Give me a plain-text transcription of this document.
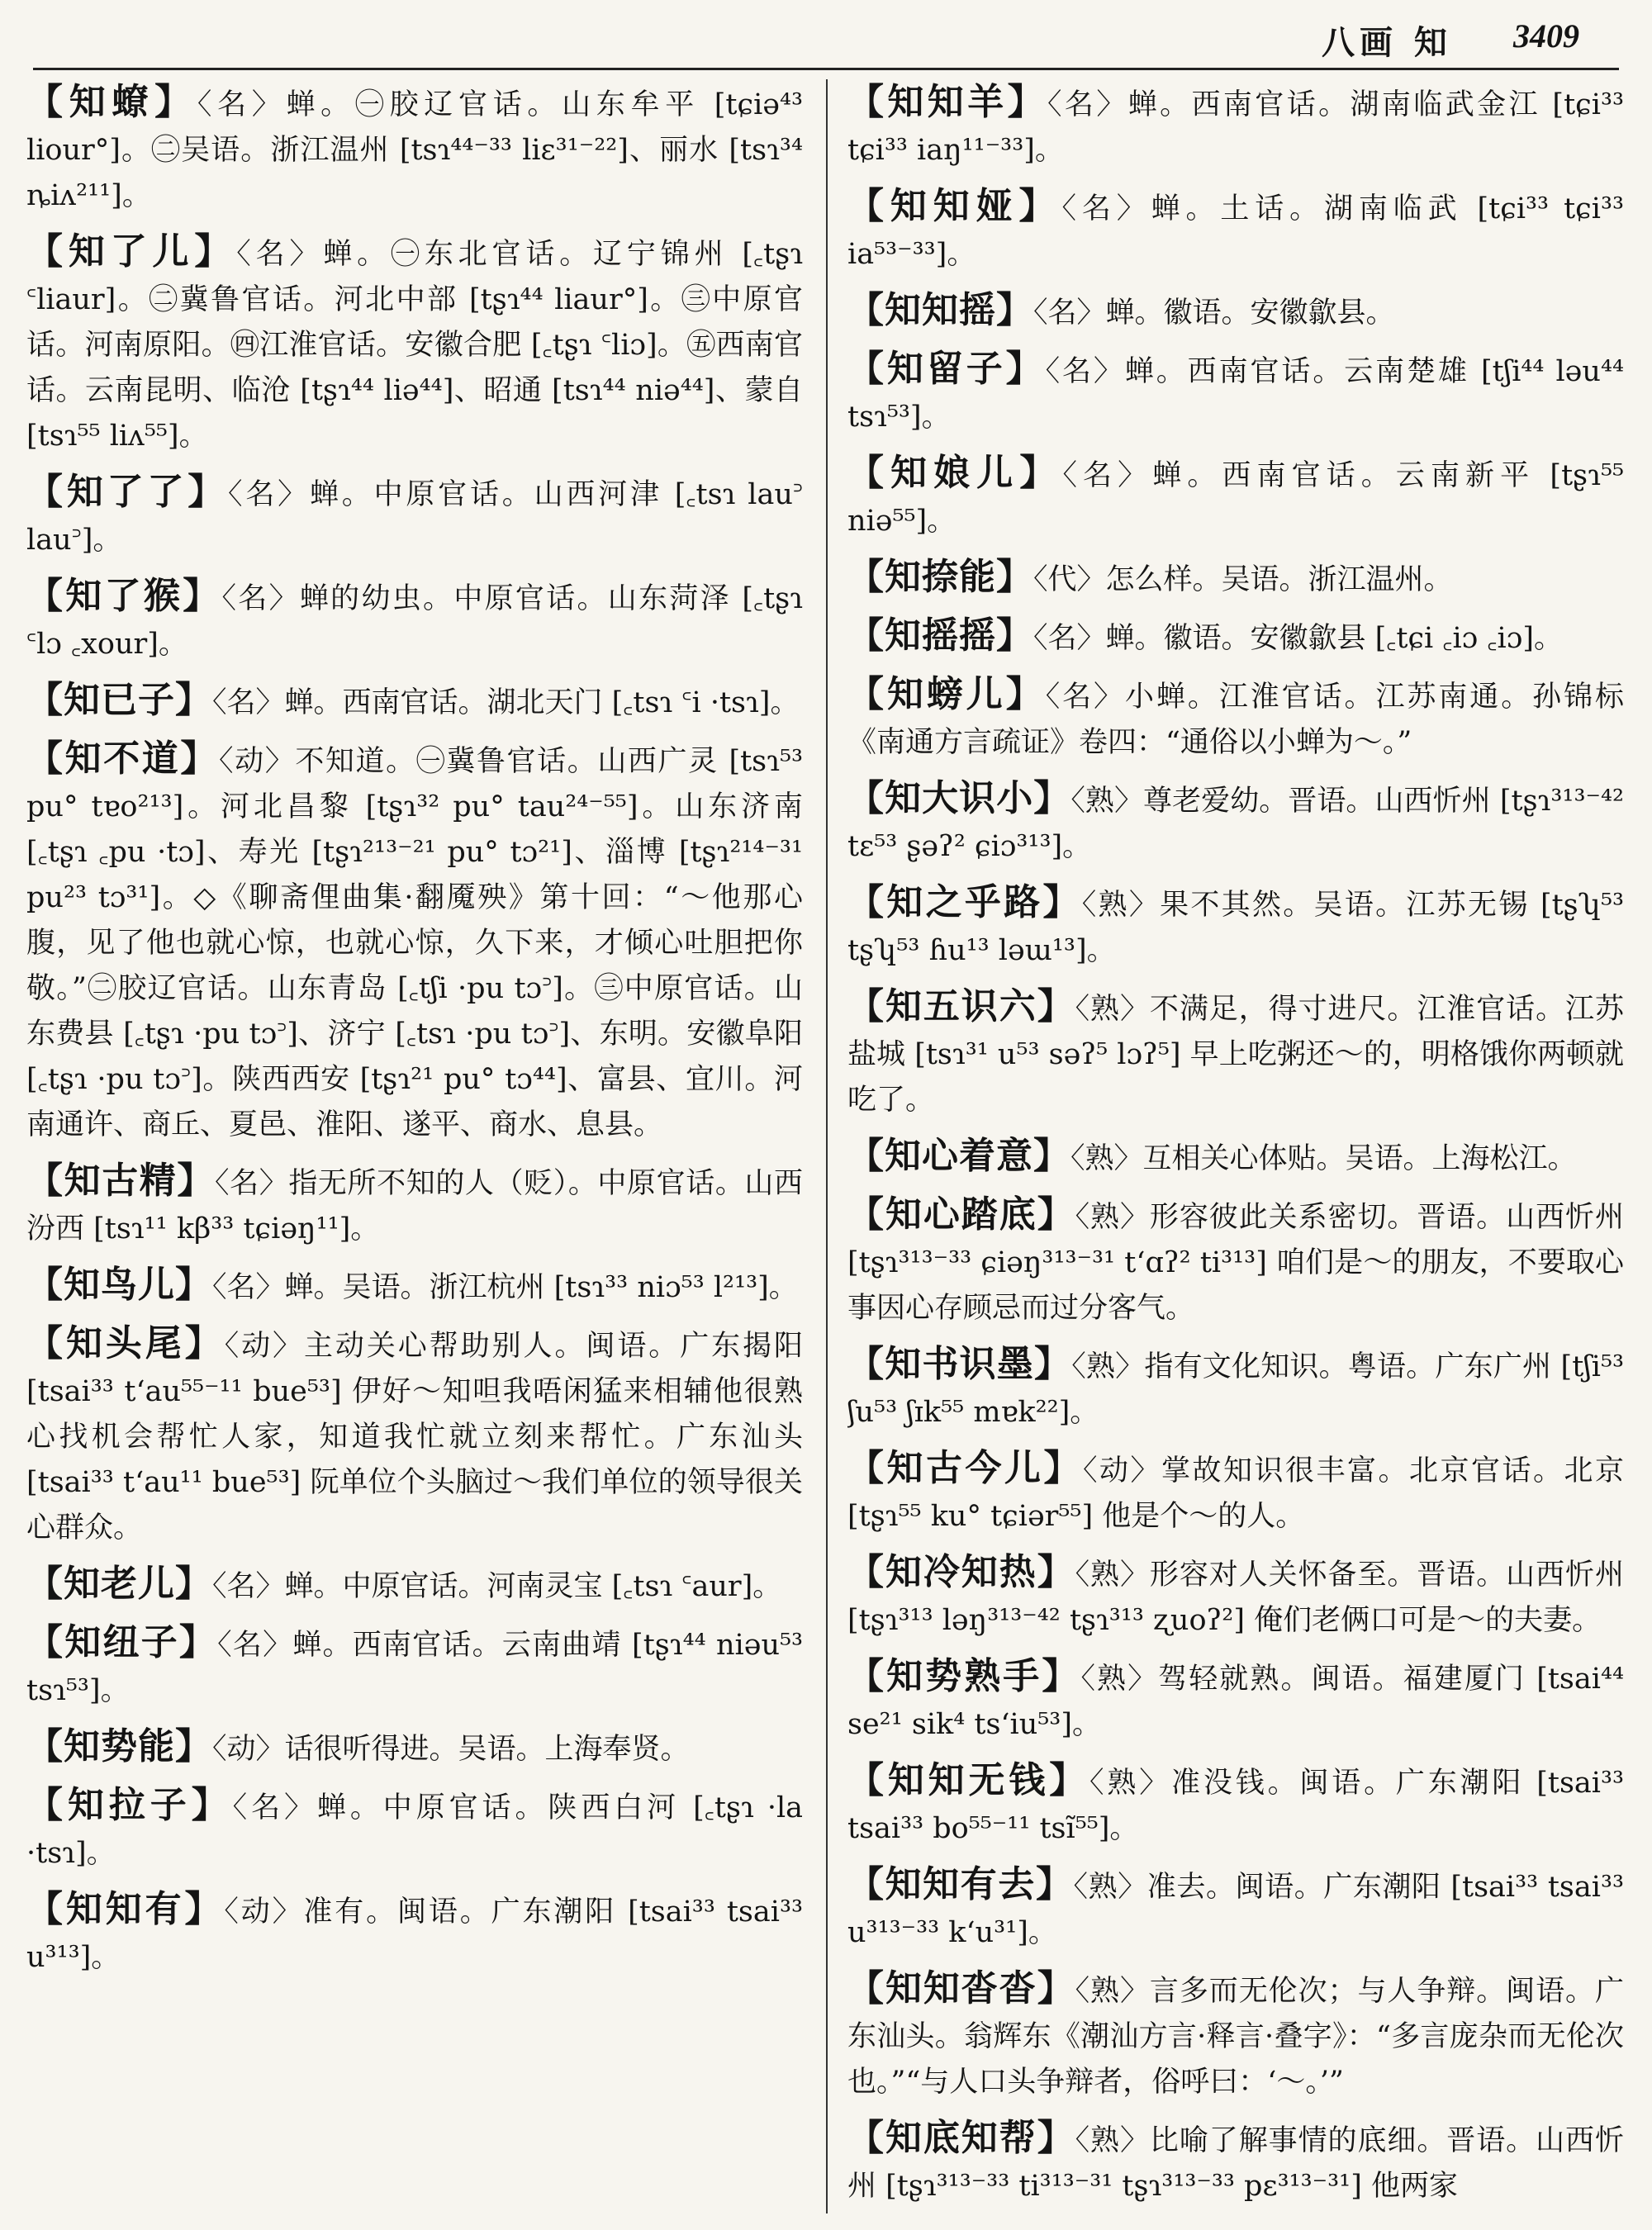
八画 知 3409

【 知蟟 】 〈名〉蝉。㊀胶辽官话。山东牟平 [tɕiə⁴³ liour°]。㊁吴语。浙江温州 [tsɿ⁴⁴⁻³³ liɛ³¹⁻²²]、丽水 [tsɿ³⁴ ȵiʌ²¹¹]。

【 知了儿 】 〈名〉蝉。㊀东北官话。辽宁锦州 [꜀tʂɿ ꜂liaur]。㊁冀鲁官话。河北中部 [tʂɿ⁴⁴ liaur°]。㊂中原官话。河南原阳。㊃江淮官话。安徽合肥 [꜀tʂɿ ꜂liɔ]。㊄西南官话。云南昆明、临沧 [tʂɿ⁴⁴ liə⁴⁴]、昭通 [tsɿ⁴⁴ niə⁴⁴]、蒙自 [tsɿ⁵⁵ liʌ⁵⁵]。

【 知了了 】 〈名〉蝉。中原官话。山西河津 [꜀tsɿ lau꜄ lau꜄]。

【 知了猴 】 〈名〉蝉的幼虫。中原官话。山东菏泽 [꜀tʂɿ ꜂lɔ ꜀xour]。

【 知已子 】 〈名〉蝉。西南官话。湖北天门 [꜀tsɿ ꜂i ·tsɿ]。

【 知不道 】 〈动〉不知道。㊀冀鲁官话。山西广灵 [tsɿ⁵³ pu° tɐo²¹³]。河北昌黎 [tʂɿ³² pu° tau²⁴⁻⁵⁵]。山东济南 [꜀tʂɿ ꜀pu ·tɔ]、寿光 [tʂɿ²¹³⁻²¹ pu° tɔ²¹]、淄博 [tʂɿ²¹⁴⁻³¹ pu²³ tɔ³¹]。◇《聊斋俚曲集·翻魇殃》第十回：“～他那心腹，见了他也就心惊，也就心惊，久下来，才倾心吐胆把你敬。”㊁胶辽官话。山东青岛 [꜀tʃi ·pu tɔ꜄]。㊂中原官话。山东费县 [꜀tʂɿ ·pu tɔ꜄]、济宁 [꜀tsɿ ·pu tɔ꜄]、东明。安徽阜阳 [꜀tʂɿ ·pu tɔ꜄]。陕西西安 [tʂɿ²¹ pu° tɔ⁴⁴]、富县、宜川。河南通许、商丘、夏邑、淮阳、遂平、商水、息县。

【 知古精 】 〈名〉指无所不知的人（贬）。中原官话。山西汾西 [tsɿ¹¹ kβ³³ tɕiəŋ¹¹]。

【 知鸟儿 】 〈名〉蝉。吴语。浙江杭州 [tsɿ³³ niɔ⁵³ l²¹³]。

【 知头尾 】 〈动〉主动关心帮助别人。闽语。广东揭阳 [tsai³³ t‘au⁵⁵⁻¹¹ bue⁵³] 伊好～知呾我唔闲猛来相辅他很熟心找机会帮忙人家，知道我忙就立刻来帮忙。广东汕头 [tsai³³ t‘au¹¹ bue⁵³] 阮单位个头脑过～我们单位的领导很关心群众。

【 知老儿 】 〈名〉蝉。中原官话。河南灵宝 [꜀tsɿ ꜂aur]。

【 知纽子 】 〈名〉蝉。西南官话。云南曲靖 [tʂɿ⁴⁴ niəu⁵³ tsɿ⁵³]。

【 知势能 】 〈动〉话很听得进。吴语。上海奉贤。

【 知拉子 】 〈名〉蝉。中原官话。陕西白河 [꜀tʂɿ ·la ·tsɿ]。

【 知知有 】 〈动〉准有。闽语。广东潮阳 [tsai³³ tsai³³ u³¹³]。

【 知知羊 】 〈名〉蝉。西南官话。湖南临武金江 [tɕi³³ tɕi³³ iaŋ¹¹⁻³³]。

【 知知娅 】 〈名〉蝉。土话。湖南临武 [tɕi³³ tɕi³³ ia⁵³⁻³³]。

【 知知摇 】 〈名〉蝉。徽语。安徽歙县。

【 知留子 】 〈名〉蝉。西南官话。云南楚雄 [tʃi⁴⁴ ləu⁴⁴ tsɿ⁵³]。

【 知娘儿 】 〈名〉蝉。西南官话。云南新平 [tʂɿ⁵⁵ niə⁵⁵]。

【 知捺能 】 〈代〉怎么样。吴语。浙江温州。

【 知摇摇 】 〈名〉蝉。徽语。安徽歙县 [꜀tɕi ꜀iɔ ꜀iɔ]。

【 知螃儿 】 〈名〉小蝉。江淮官话。江苏南通。孙锦标《南通方言疏证》卷四：“通俗以小蝉为～。”

【 知大识小 】 〈熟〉尊老爱幼。晋语。山西忻州 [tʂɿ³¹³⁻⁴² tɛ⁵³ ʂəʔ² ɕiɔ³¹³]。

【 知之乎路 】 〈熟〉果不其然。吴语。江苏无锡 [tʂʮ⁵³ tʂʮ⁵³ ɦu¹³ ləɯ¹³]。

【 知五识六 】 〈熟〉不满足，得寸进尺。江淮官话。江苏盐城 [tsɿ³¹ u⁵³ səʔ⁵ lɔʔ⁵] 早上吃粥还～的，明格饿你两顿就吃了。

【 知心着意 】 〈熟〉互相关心体贴。吴语。上海松江。

【 知心踏底 】 〈熟〉形容彼此关系密切。晋语。山西忻州 [tʂɿ³¹³⁻³³ ɕiəŋ³¹³⁻³¹ t‘ɑʔ² ti³¹³] 咱们是～的朋友，不要取心事因心存顾忌而过分客气。

【 知书识墨 】 〈熟〉指有文化知识。粤语。广东广州 [tʃi⁵³ ʃu⁵³ ʃɪk⁵⁵ mɐk²²]。

【 知古今儿 】 〈动〉掌故知识很丰富。北京官话。北京 [tʂɿ⁵⁵ ku° tɕiər⁵⁵] 他是个～的人。

【 知冷知热 】 〈熟〉形容对人关怀备至。晋语。山西忻州 [tʂɿ³¹³ ləŋ³¹³⁻⁴² tʂɿ³¹³ ʐuoʔ²] 俺们老俩口可是～的夫妻。

【 知势熟手 】 〈熟〉驾轻就熟。闽语。福建厦门 [tsai⁴⁴ se²¹ sik⁴ ts‘iu⁵³]。

【 知知无钱 】 〈熟〉准没钱。闽语。广东潮阳 [tsai³³ tsai³³ bo⁵⁵⁻¹¹ tsĩ⁵⁵]。

【 知知有去 】 〈熟〉准去。闽语。广东潮阳 [tsai³³ tsai³³ u³¹³⁻³³ k‘u³¹]。

【 知知沓沓 】 〈熟〉言多而无伦次；与人争辩。闽语。广东汕头。翁辉东《潮汕方言·释言·叠字》：“多言庞杂而无伦次也。”“与人口头争辩者，俗呼曰：‘～。’”

【 知底知帮 】 〈熟〉比喻了解事情的底细。晋语。山西忻州 [tʂɿ³¹³⁻³³ ti³¹³⁻³¹ tʂɿ³¹³⁻³³ pɛ³¹³⁻³¹] 他两家
